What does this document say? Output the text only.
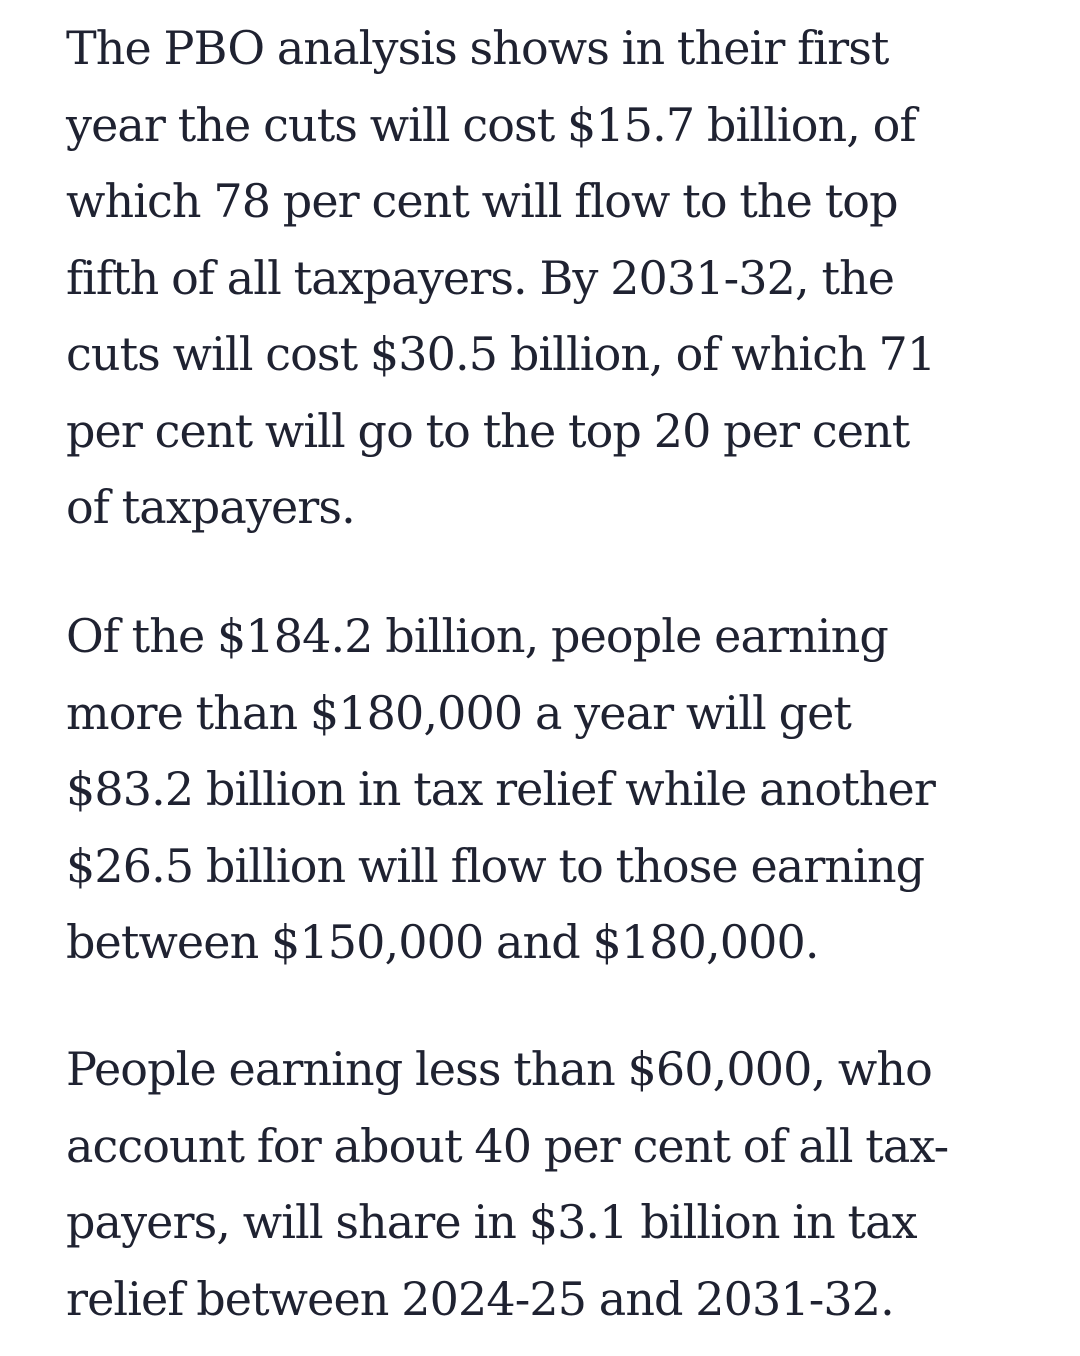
The PBO analysis shows in their first
year the cuts will cost $15.7 billion, of
which 78 per cent will flow to the top
fifth of all taxpayers. By 2031-32, the
cuts will cost $30.5 billion, of which 71
per cent will go to the top 20 per cent
of taxpayers.

Of the $184.2 billion, people earning
more than $180,000 a year will get
$83.2 billion in tax relief while another
$26.5 billion will flow to those earning
between $150,000 and $180,000.

People earning less than $60,000, who
account for about 40 per cent of all tax-
payers, will share in $3.1 billion in tax
relief between 2024-25 and 2031-32.
